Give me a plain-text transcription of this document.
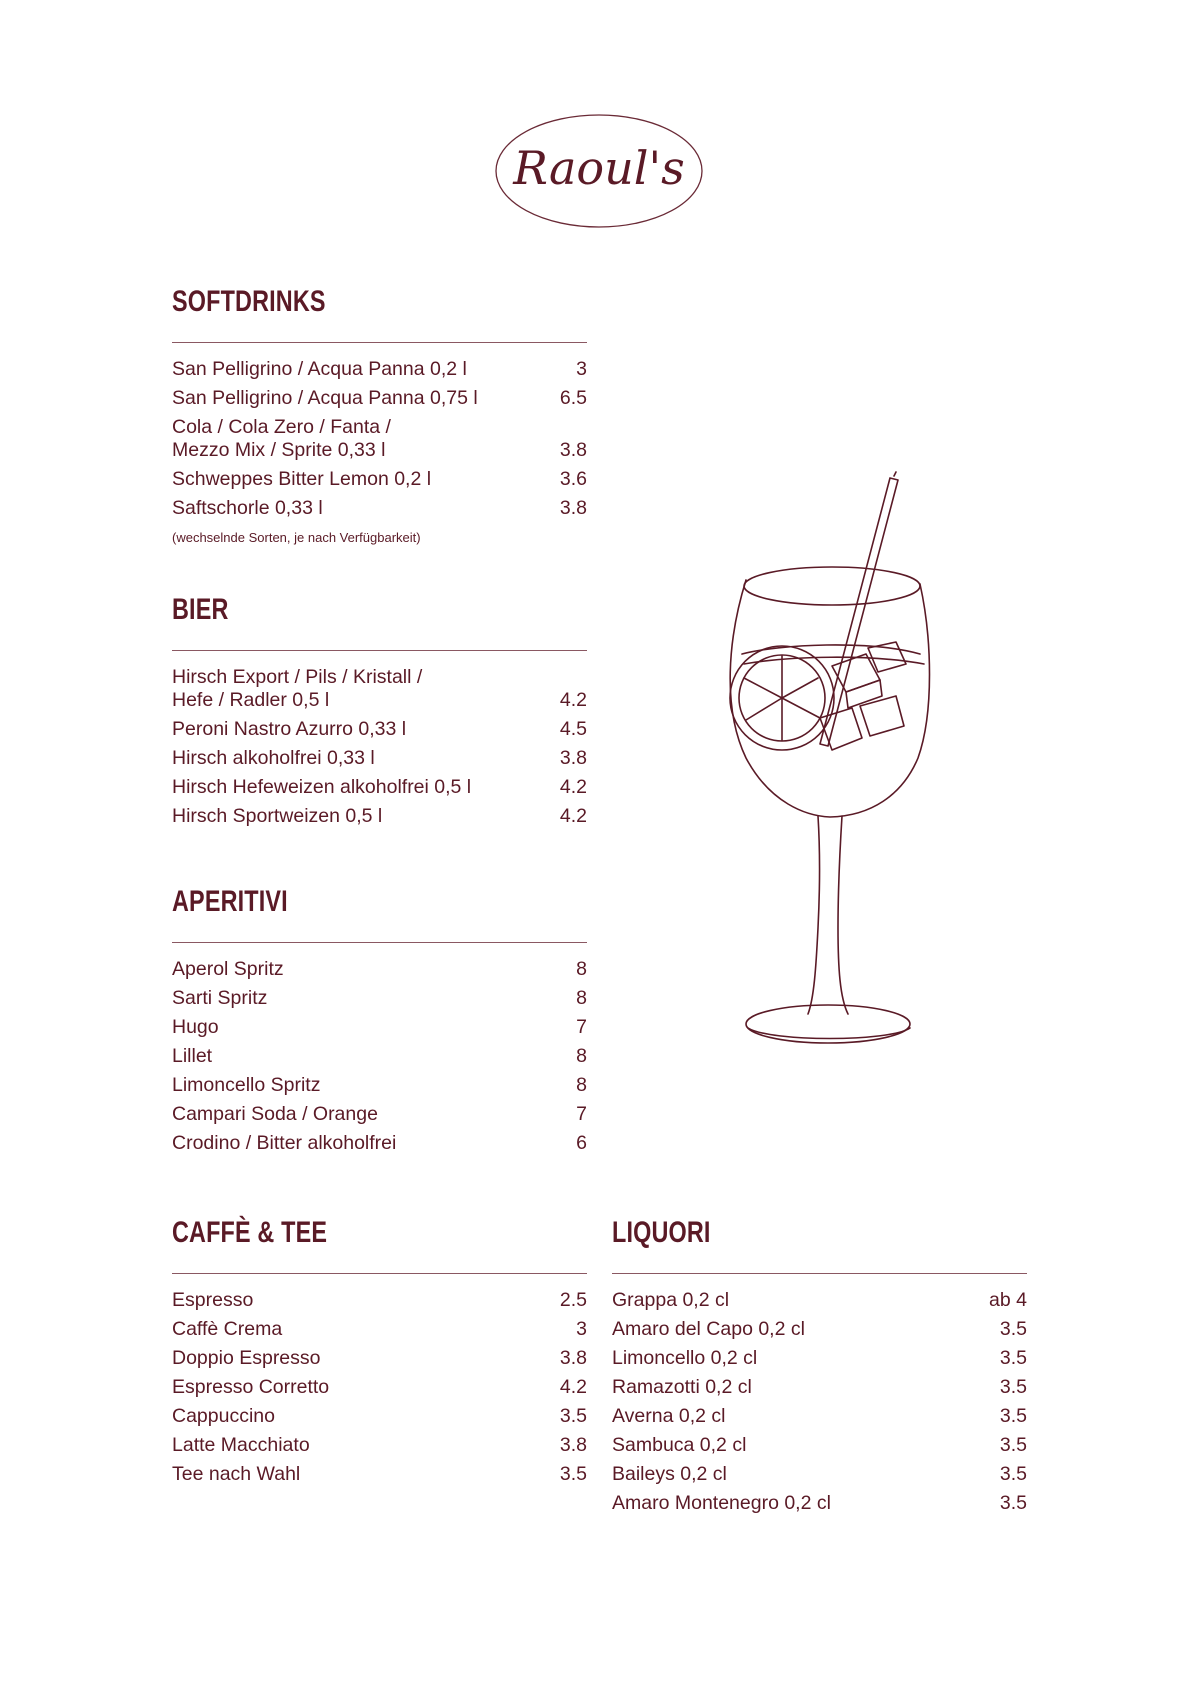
Raoul's
SOFTDRINKS
San Pelligrino / Acqua Panna 0,2 l	3
San Pelligrino / Acqua Panna 0,75 l	6.5
Cola / Cola Zero / Fanta /
Mezzo Mix / Sprite 0,33 l	3.8
Schweppes Bitter Lemon 0,2 l	3.6
Saftschorle 0,33 l	3.8
(wechselnde Sorten, je nach Verfügbarkeit)
BIER
Hirsch Export / Pils / Kristall /
Hefe / Radler 0,5 l	4.2
Peroni Nastro Azurro 0,33 l	4.5
Hirsch alkoholfrei 0,33 l	3.8
Hirsch Hefeweizen alkoholfrei 0,5 l	4.2
Hirsch Sportweizen 0,5 l	4.2
APERITIVI
Aperol Spritz	8
Sarti Spritz	8
Hugo	7
Lillet	8
Limoncello Spritz	8
Campari Soda / Orange	7
Crodino / Bitter alkoholfrei	6
CAFFÈ & TEE
Espresso	2.5
Caffè Crema	3
Doppio Espresso	3.8
Espresso Corretto	4.2
Cappuccino	3.5
Latte Macchiato	3.8
Tee nach Wahl	3.5
LIQUORI
Grappa 0,2 cl	ab 4
Amaro del Capo 0,2 cl	3.5
Limoncello 0,2 cl	3.5
Ramazotti 0,2 cl	3.5
Averna 0,2 cl	3.5
Sambuca 0,2 cl	3.5
Baileys 0,2 cl	3.5
Amaro Montenegro 0,2 cl	3.5
